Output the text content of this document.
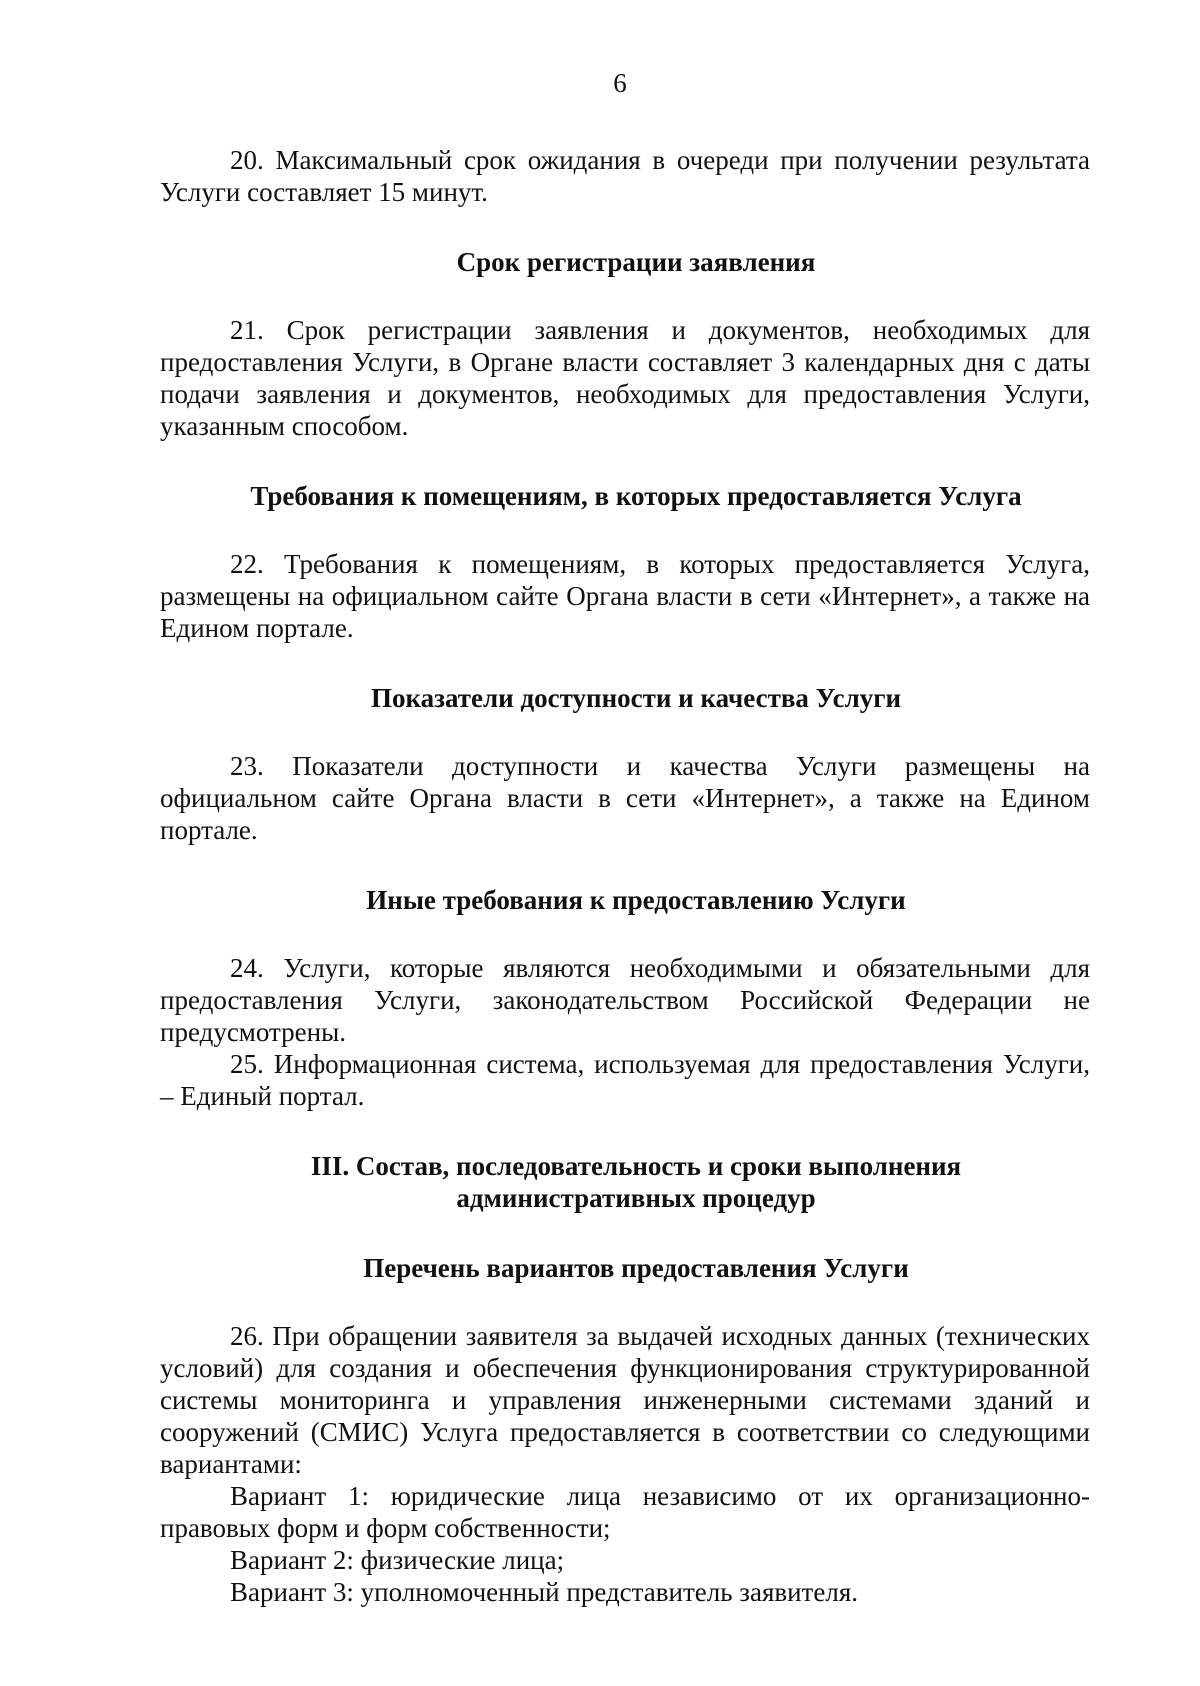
6

20. Максимальный срок ожидания в очереди при получении результата Услуги составляет 15 минут.

Срок регистрации заявления

21. Срок регистрации заявления и документов, необходимых для предоставления Услуги, в Органе власти составляет 3 календарных дня с даты подачи заявления и документов, необходимых для предоставления Услуги, указанным способом.

Требования к помещениям, в которых предоставляется Услуга

22. Требования к помещениям, в которых предоставляется Услуга, размещены на официальном сайте Органа власти в сети «Интернет», а также на Едином портале.

Показатели доступности и качества Услуги

23. Показатели доступности и качества Услуги размещены на официальном сайте Органа власти в сети «Интернет», а также на Едином портале.

Иные требования к предоставлению Услуги

24. Услуги, которые являются необходимыми и обязательными для предоставления Услуги, законодательством Российской Федерации не предусмотрены.

25. Информационная система, используемая для предоставления Услуги, – Единый портал.

III. Состав, последовательность и сроки выполнения

административных процедур

Перечень вариантов предоставления Услуги

26. При обращении заявителя за выдачей исходных данных (технических условий) для создания и обеспечения функционирования структурированной системы мониторинга и управления инженерными системами зданий и сооружений (СМИС) Услуга предоставляется в соответствии со следующими вариантами:

Вариант 1: юридические лица независимо от их организационно-правовых форм и форм собственности;

Вариант 2: физические лица;

Вариант 3: уполномоченный представитель заявителя.
